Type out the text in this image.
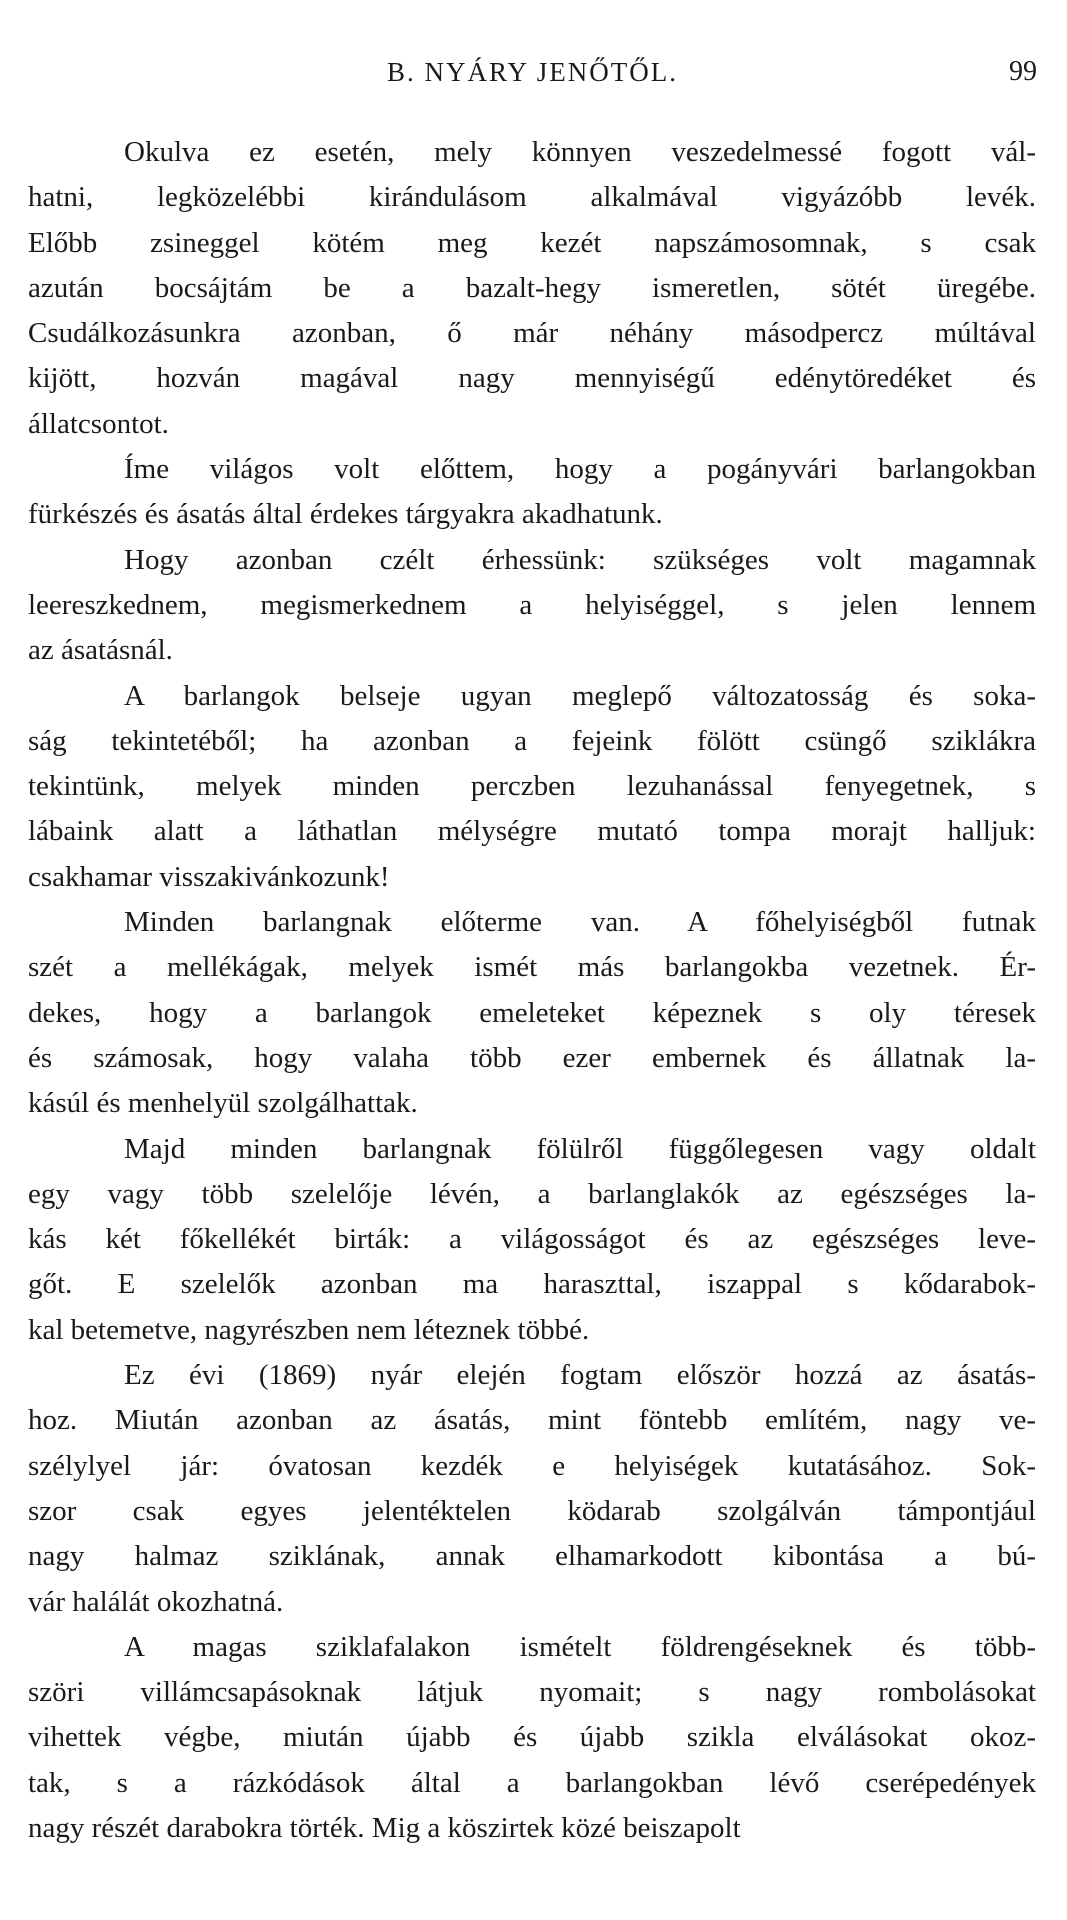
B. NYÁRY JENŐTŐL.	99
Okulva ez esetén, mely könnyen veszedelmessé fogott vál-
hatni, legközelébbi kirándulásom alkalmával vigyázóbb levék.
Előbb zsineggel kötém meg kezét napszámosomnak, s csak
azután bocsájtám be a bazalt-hegy ismeretlen, sötét üregébe.
Csudálkozásunkra azonban, ő már néhány másodpercz múltával
kijött, hozván magával nagy mennyiségű edénytöredéket és
állatcsontot.
Íme világos volt előttem, hogy a pogányvári barlangokban
fürkészés és ásatás által érdekes tárgyakra akadhatunk.
Hogy azonban czélt érhessünk: szükséges volt magamnak
leereszkednem, megismerkednem a helyiséggel, s jelen lennem
az ásatásnál.
A barlangok belseje ugyan meglepő változatosság és soka-
ság tekintetéből; ha azonban a fejeink fölött csüngő sziklákra
tekintünk, melyek minden perczben lezuhanással fenyegetnek, s
lábaink alatt a láthatlan mélységre mutató tompa morajt halljuk:
csakhamar visszakivánkozunk!
Minden barlangnak előterme van. A főhelyiségből futnak
szét a mellékágak, melyek ismét más barlangokba vezetnek. Ér-
dekes, hogy a barlangok emeleteket képeznek s oly téresek
és számosak, hogy valaha több ezer embernek és állatnak la-
kásúl és menhelyül szolgálhattak.
Majd minden barlangnak fölülről függőlegesen vagy oldalt
egy vagy több szelelője lévén, a barlanglakók az egészséges la-
kás két főkellékét birták: a világosságot és az egészséges leve-
gőt. E szelelők azonban ma haraszttal, iszappal s kődarabok-
kal betemetve, nagyrészben nem léteznek többé.
Ez évi (1869) nyár elején fogtam először hozzá az ásatás-
hoz. Miután azonban az ásatás, mint föntebb említém, nagy ve-
szélylyel jár: óvatosan kezdék e helyiségek kutatásához. Sok-
szor csak egyes jelentéktelen ködarab szolgálván támpontjául
nagy halmaz sziklának, annak elhamarkodott kibontása a bú-
vár halálát okozhatná.
A magas sziklafalakon ismételt földrengéseknek és több-
szöri villámcsapásoknak látjuk nyomait; s nagy rombolásokat
vihettek végbe, miután újabb és újabb szikla elválásokat okoz-
tak, s a rázkódások által a barlangokban lévő cserépedények
nagy részét darabokra törték. Mig a köszirtek közé beiszapolt
